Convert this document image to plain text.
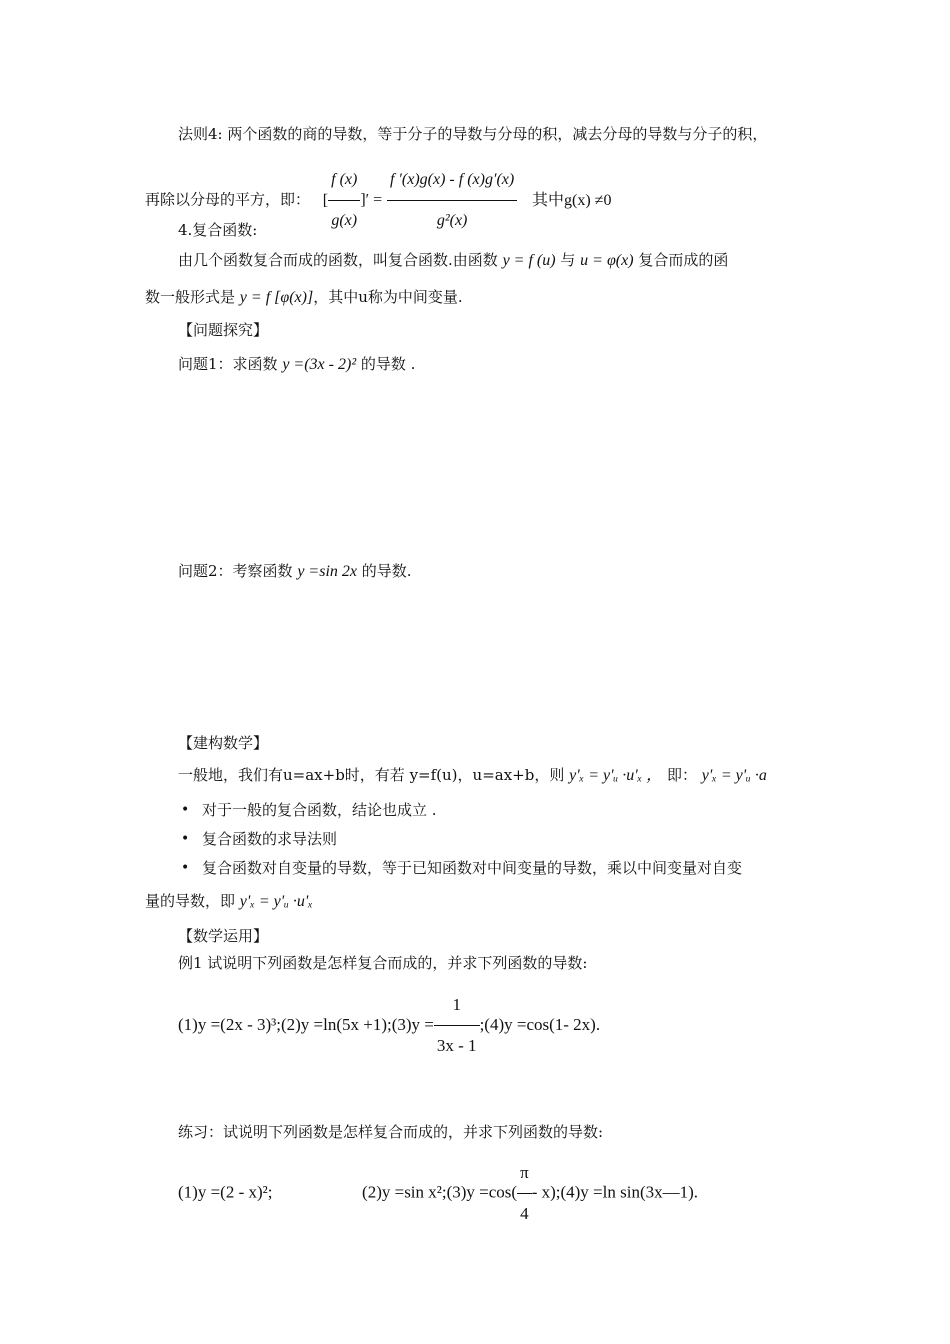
法则4: 两个函数的商的导数，等于分子的导数与分母的积，减去分母的导数与分子的积，
再除以分母的平方，即： [ $\frac{f (x)}{g(x)}$ ]′ = $\frac{f '(x)g(x) - f (x)g'(x)}{\text{g²(x)}}$ 其中g(x) ≠0
4.复合函数:
由几个函数复合而成的函数，叫复合函数.由函数 y = f (u) 与 u = φ(x) 复合而成的函
数一般形式是 y = f [φ(x)]，其中u称为中间变量.
【问题探究】
问题1：求函数 y =(3x - 2)² 的导数 .
问题2：考察函数 y =sin 2x 的导数.
【建构数学】
一般地，我们有u=ax+b时，有若 y=f(u)，u=ax+b，则 y'ₓ = y'ᵤ ·u'ₓ ， 即： y'ₓ = y'ᵤ ·a
• 对于一般的复合函数，结论也成立 .
• 复合函数的求导法则
• 复合函数对自变量的导数，等于已知函数对中间变量的导数，乘以中间变量对自变
量的导数，即 y'ₓ = y'ᵤ ·u'ₓ
【数学运用】
例1 试说明下列函数是怎样复合而成的，并求下列函数的导数:
(1)y =(2x - 3)³;(2)y =ln(5x +1);(3)y = $\frac{1}{3x - 1}$ ;(4)y =cos(1- 2x).
练习：试说明下列函数是怎样复合而成的，并求下列函数的导数:
(1)y =(2 - x)²;	(2)y =sin x²;(3)y $=\cos( \frac{\pi}{4}$ - x);(4)y =ln sin(3x—1).
